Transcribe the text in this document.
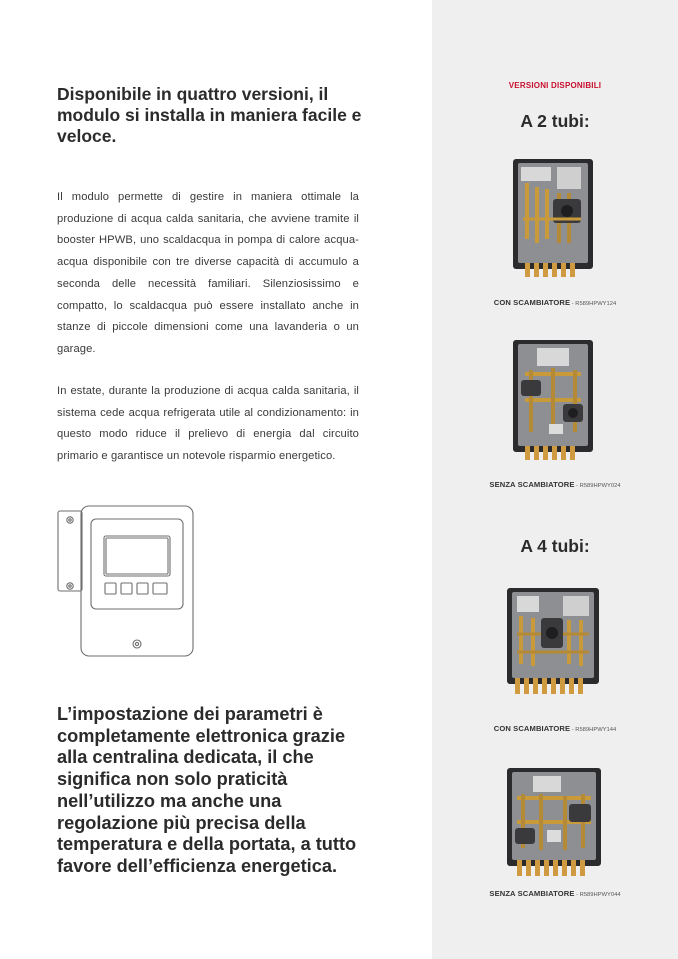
Disponibile in quattro versioni, il modulo si installa in maniera facile e veloce.

Il modulo permette di gestire in maniera ottimale la produzione di acqua calda sanitaria, che avviene tramite il booster HPWB, uno scaldacqua in pompa di calore acqua-acqua disponibile con tre diverse capacità di accumulo a seconda delle necessità familiari. Silenziosissimo e compatto, lo scaldacqua può essere installato anche in stanze di piccole dimensioni come una lavanderia o un garage.

In estate, durante la produzione di acqua calda sanitaria, il sistema cede acqua refrigerata utile al condizionamento: in questo modo riduce il prelievo di energia dal circuito primario e garantisce un notevole risparmio energetico.

L’impostazione dei parametri è completamente elettronica grazie alla centralina dedicata, il che significa non solo praticità nell’utilizzo ma anche una regolazione più precisa della temperatura e della portata, a tutto favore dell’efficienza energetica.

VERSIONI DISPONIBILI
A 2 tubi:
A 4 tubi:
CON SCAMBIATORE - R589HPWY124
SENZA SCAMBIATORE - R589HPWY024
CON SCAMBIATORE - R589HPWY144
SENZA SCAMBIATORE - R589HPWY044
